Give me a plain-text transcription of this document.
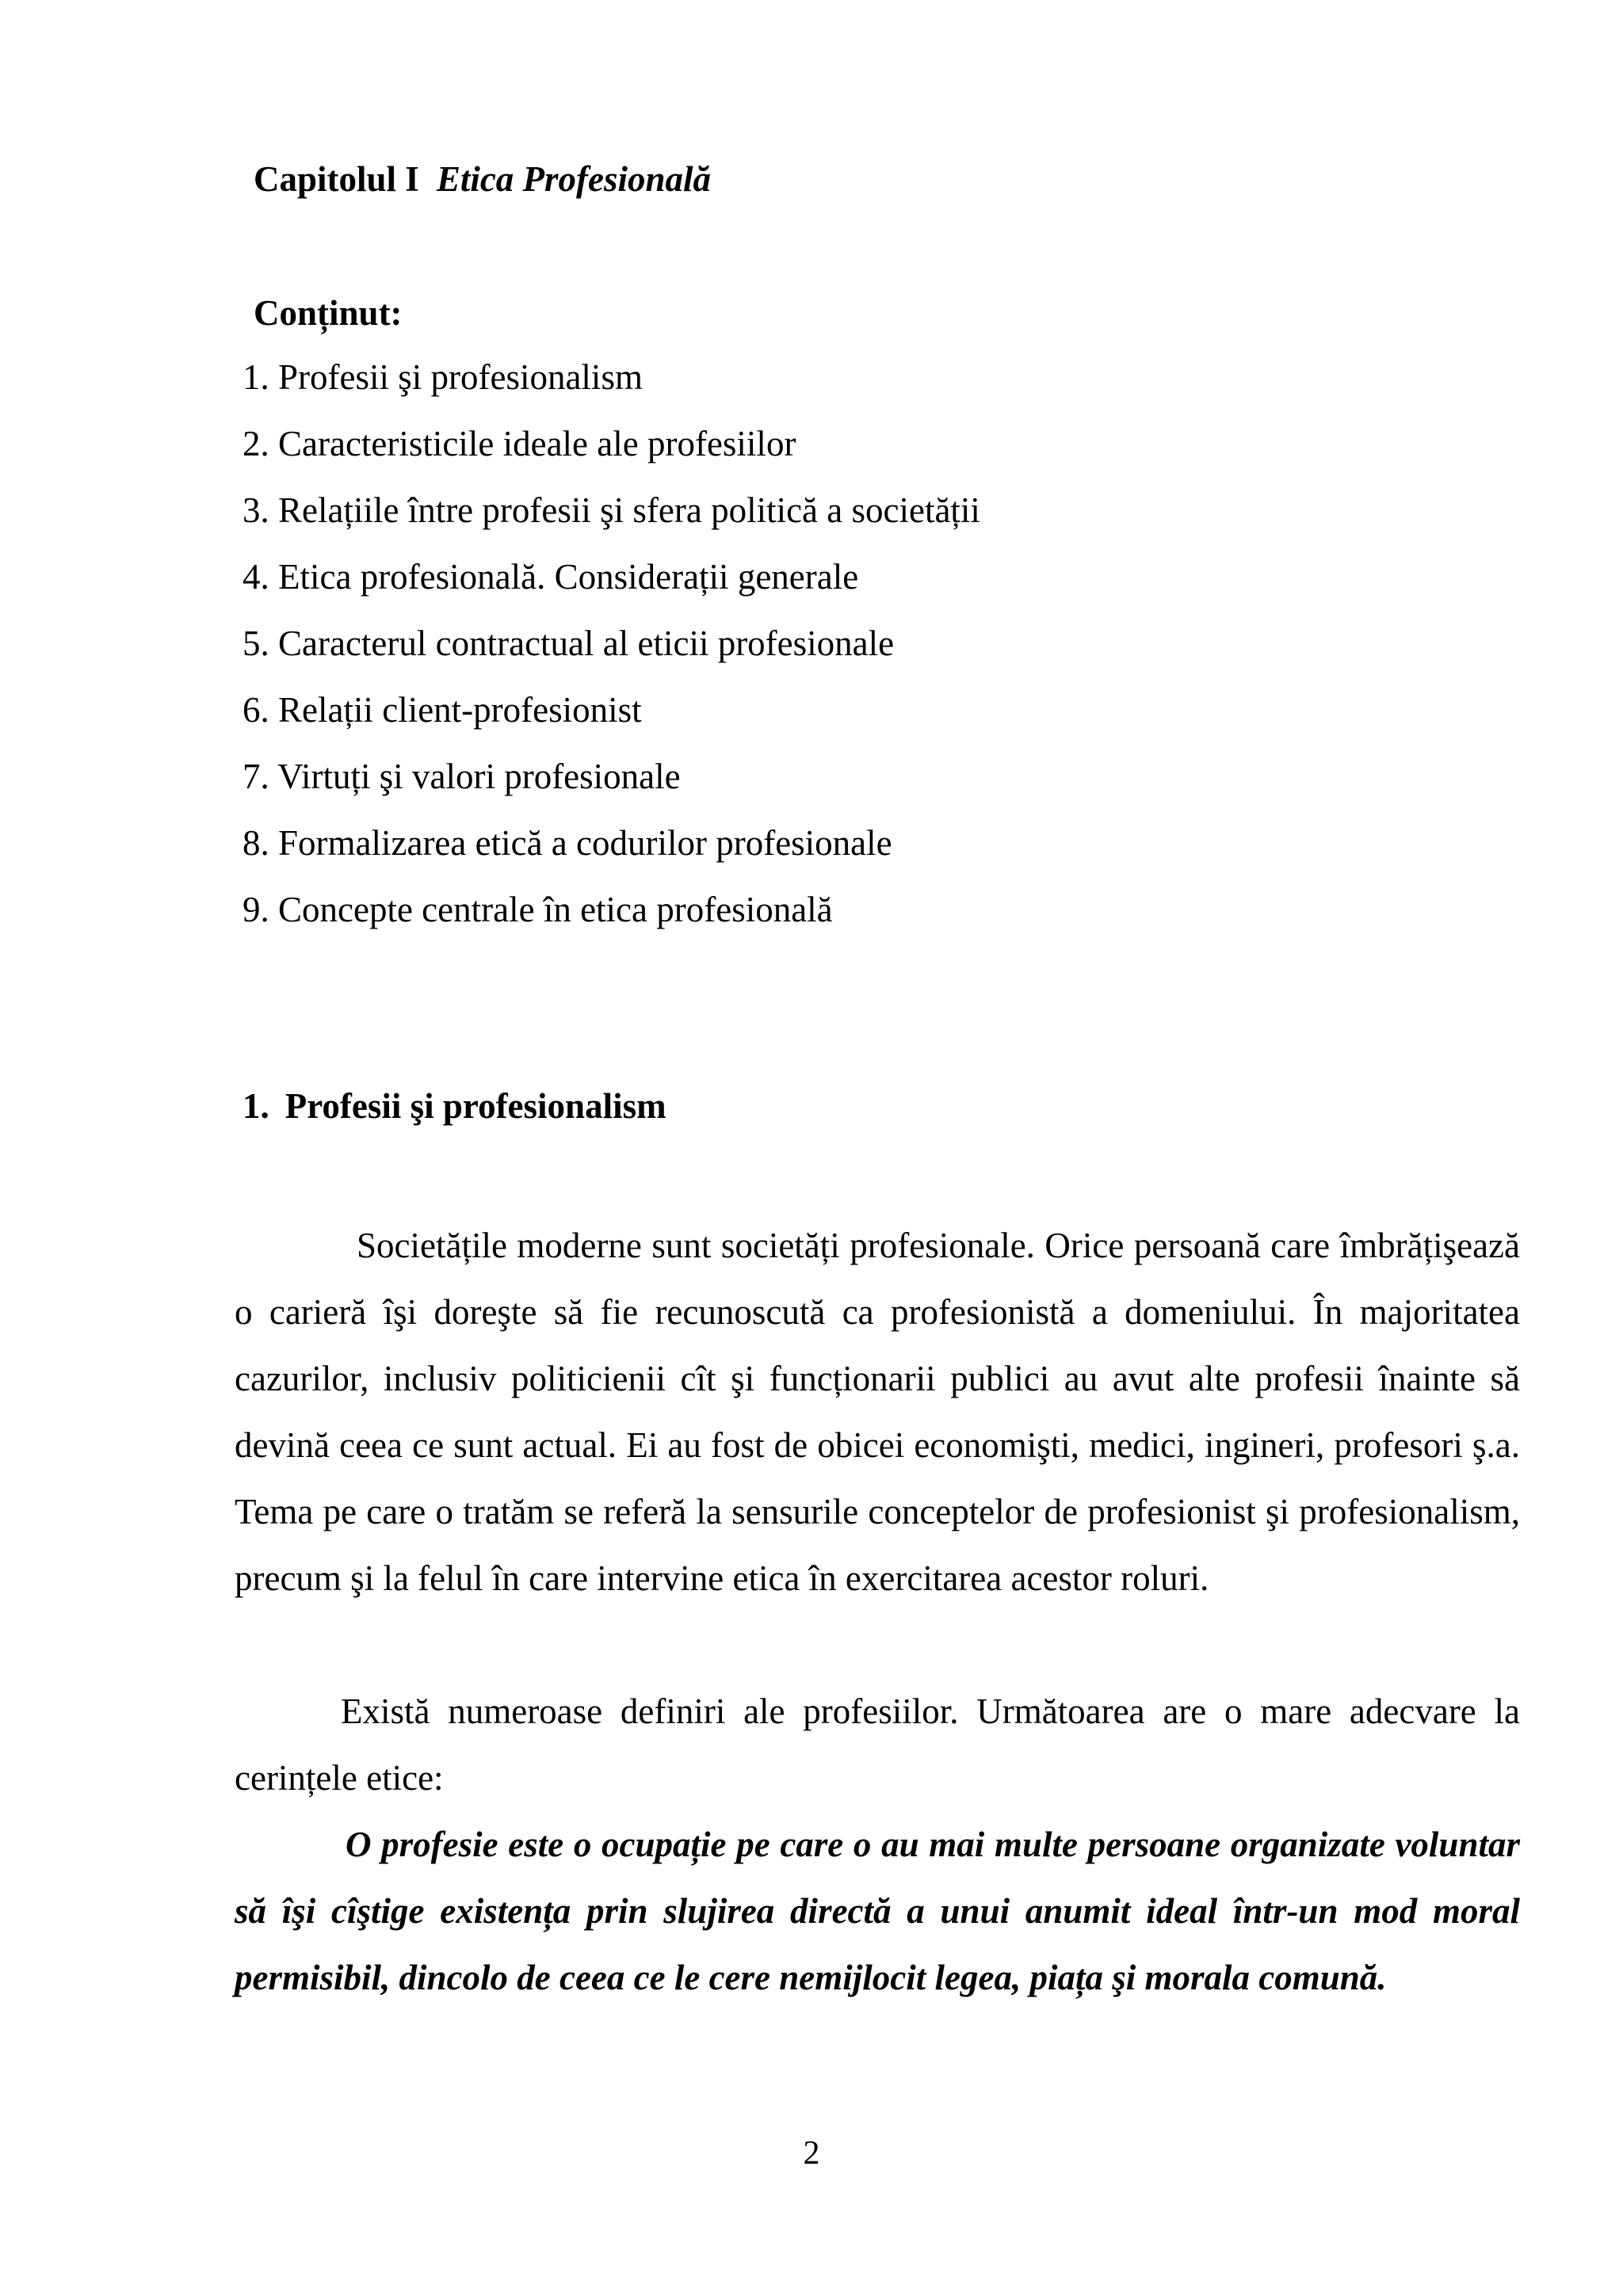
Capitolul I Etica Profesională
Conținut:
1. Profesii şi profesionalism
2. Caracteristicile ideale ale profesiilor
3. Relațiile între profesii şi sfera politică a societății
4. Etica profesională. Considerații generale
5. Caracterul contractual al eticii profesionale
6. Relații client-profesionist
7. Virtuți şi valori profesionale
8. Formalizarea etică a codurilor profesionale
9. Concepte centrale în etica profesională
1. Profesii şi profesionalism

Societățile moderne sunt societăți profesionale. Orice persoană care îmbrățişează o carieră îşi doreşte să fie recunoscută ca profesionistă a domeniului. În majoritatea cazurilor, inclusiv politicienii cît şi funcționarii publici au avut alte profesii înainte să devină ceea ce sunt actual. Ei au fost de obicei economişti, medici, ingineri, profesori ş.a. Tema pe care o tratăm se referă la sensurile conceptelor de profesionist şi profesionalism, precum şi la felul în care intervine etica în exercitarea acestor roluri.

Există numeroase definiri ale profesiilor. Următoarea are o mare adecvare la cerințele etice:

O profesie este o ocupație pe care o au mai multe persoane organizate voluntar să îşi cîştige existența prin slujirea directă a unui anumit ideal într-un mod moral permisibil, dincolo de ceea ce le cere nemijlocit legea, piața şi morala comună.

2
